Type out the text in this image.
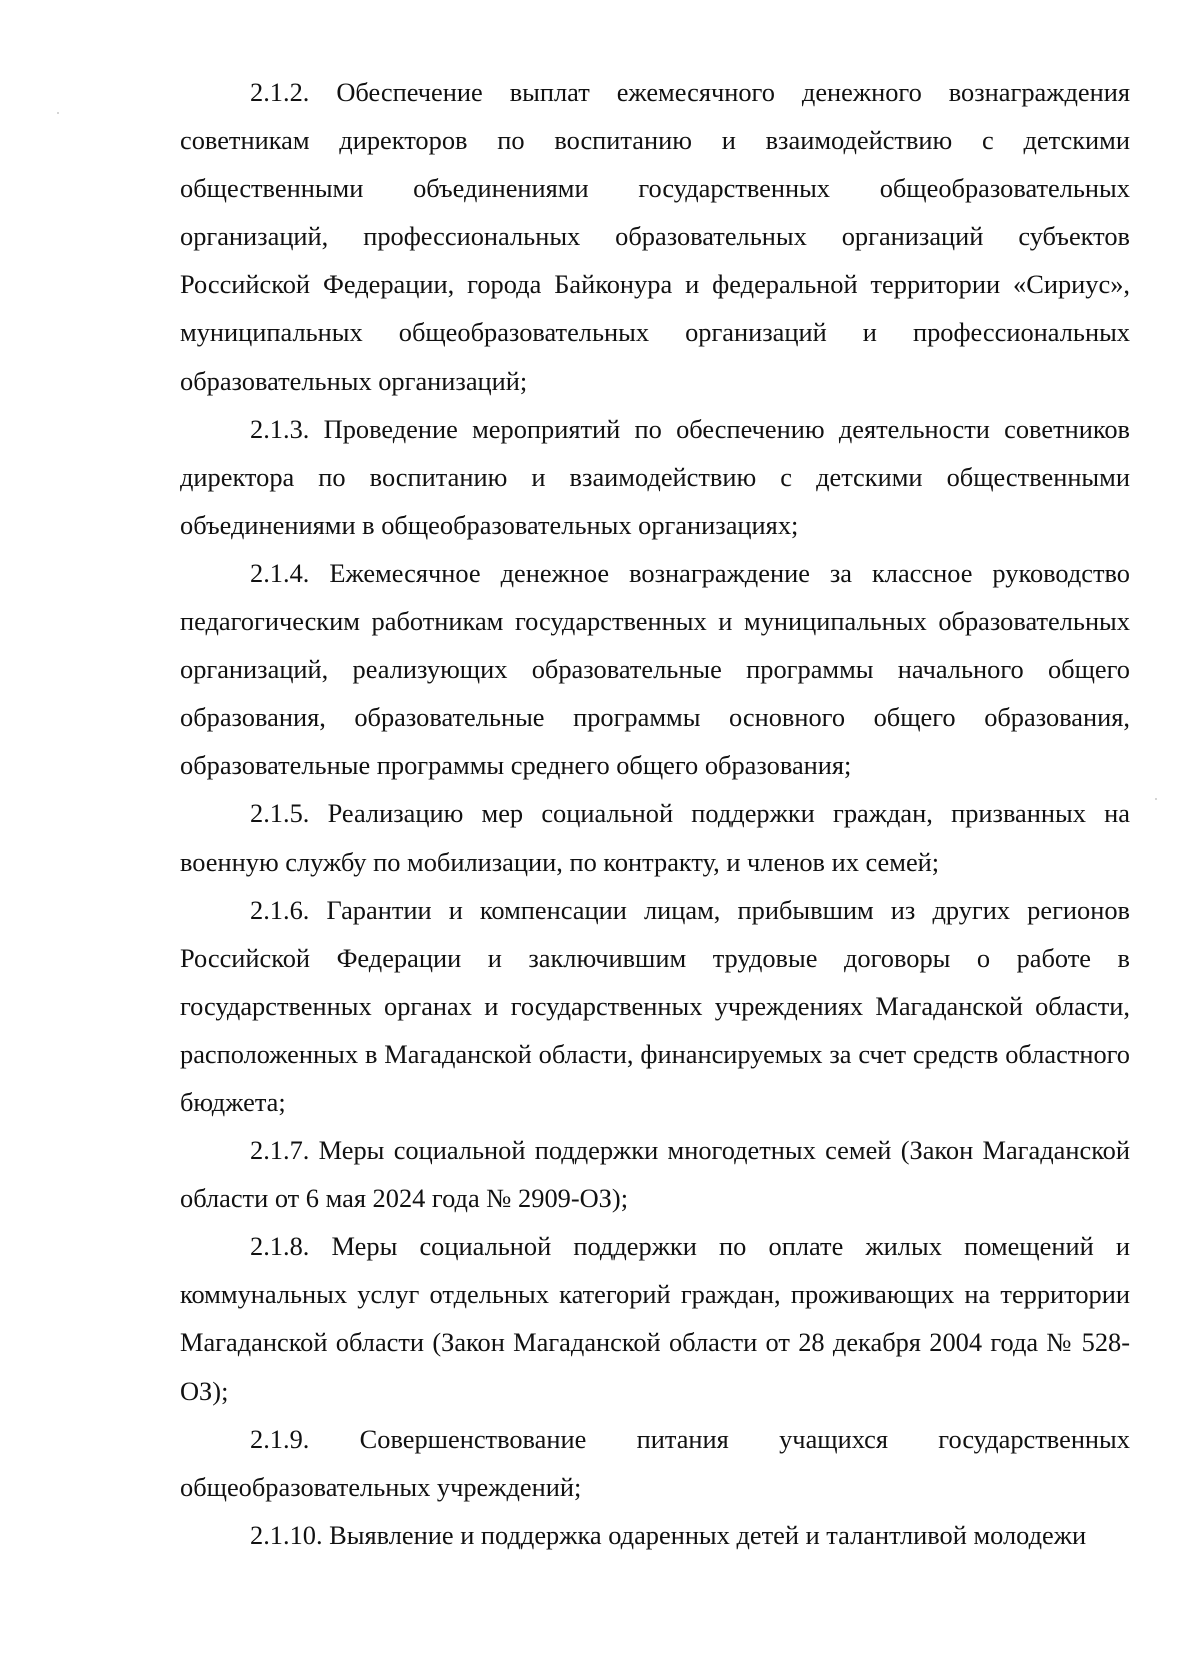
2.1.2. Обеспечение выплат ежемесячного денежного вознаграждения советникам директоров по воспитанию и взаимодействию с детскими общественными объединениями государственных общеобразовательных организаций, профессиональных образовательных организаций субъектов Российской Федерации, города Байконура и федеральной территории «Сириус», муниципальных общеобразовательных организаций и профессиональных образовательных организаций;

2.1.3. Проведение мероприятий по обеспечению деятельности советников директора по воспитанию и взаимодействию с детскими общественными объединениями в общеобразовательных организациях;

2.1.4. Ежемесячное денежное вознаграждение за классное руководство педагогическим работникам государственных и муниципальных образовательных организаций, реализующих образовательные программы начального общего образования, образовательные программы основного общего образования, образовательные программы среднего общего образования;

2.1.5. Реализацию мер социальной поддержки граждан, призванных на военную службу по мобилизации, по контракту, и членов их семей;

2.1.6. Гарантии и компенсации лицам, прибывшим из других регионов Российской Федерации и заключившим трудовые договоры о работе в государственных органах и государственных учреждениях Магаданской области, расположенных в Магаданской области, финансируемых за счет средств областного бюджета;

2.1.7. Меры социальной поддержки многодетных семей (Закон Магаданской области от 6 мая 2024 года № 2909-ОЗ);

2.1.8. Меры социальной поддержки по оплате жилых помещений и коммунальных услуг отдельных категорий граждан, проживающих на территории Магаданской области (Закон Магаданской области от 28 декабря 2004 года № 528-ОЗ);

2.1.9. Совершенствование питания учащихся государственных общеобразовательных учреждений;

2.1.10. Выявление и поддержка одаренных детей и талантливой молодежи
